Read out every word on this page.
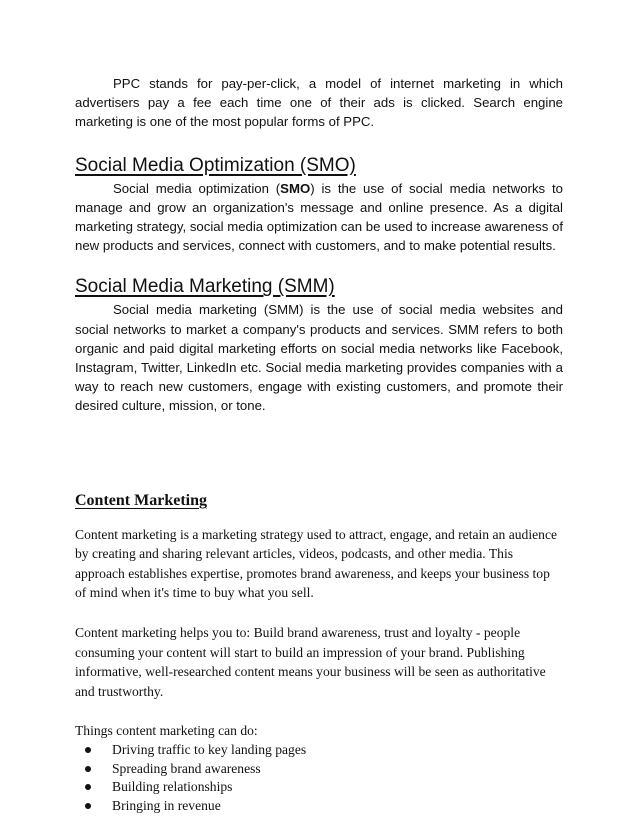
PPC stands for pay-per-click, a model of internet marketing in which advertisers pay a fee each time one of their ads is clicked. Search engine marketing is one of the most popular forms of PPC.

Social Media Optimization (SMO)

Social media optimization (SMO) is the use of social media networks to manage and grow an organization's message and online presence. As a digital marketing strategy, social media optimization can be used to increase awareness of new products and services, connect with customers, and to make potential results.

Social Media Marketing (SMM)

Social media marketing (SMM) is the use of social media websites and social networks to market a company's products and services. SMM refers to both organic and paid digital marketing efforts on social media networks like Facebook, Instagram, Twitter, LinkedIn etc. Social media marketing provides companies with a way to reach new customers, engage with existing customers, and promote their desired culture, mission, or tone.

Content Marketing

Content marketing is a marketing strategy used to attract, engage, and retain an audience by creating and sharing relevant articles, videos, podcasts, and other media. This approach establishes expertise, promotes brand awareness, and keeps your business top of mind when it's time to buy what you sell.

Content marketing helps you to: Build brand awareness, trust and loyalty - people consuming your content will start to build an impression of your brand. Publishing informative, well-researched content means your business will be seen as authoritative and trustworthy.

Things content marketing can do:

Driving traffic to key landing pages
Spreading brand awareness
Building relationships
Bringing in revenue
